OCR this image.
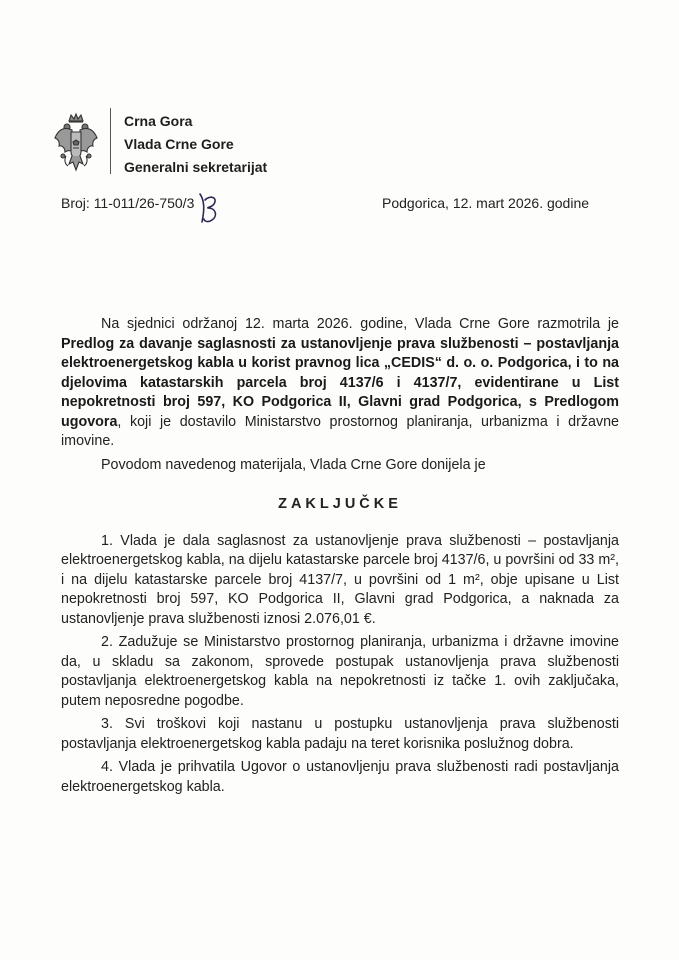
Crna Gora
Vlada Crne Gore
Generalni sekretarijat
Broj: 11-011/26-750/3	Podgorica, 12. mart 2026. godine

Na sjednici održanoj 12. marta 2026. godine, Vlada Crne Gore razmotrila je Predlog za davanje saglasnosti za ustanovljenje prava službenosti – postavljanja elektroenergetskog kabla u korist pravnog lica „CEDIS“ d. o. o. Podgorica, i to na djelovima katastarskih parcela broj 4137/6 i 4137/7, evidentirane u List nepokretnosti broj 597, KO Podgorica II, Glavni grad Podgorica, s Predlogom ugovora, koji je dostavilo Ministarstvo prostornog planiranja, urbanizma i državne imovine.

Povodom navedenog materijala, Vlada Crne Gore donijela je

ZAKLJUČKE

1. Vlada je dala saglasnost za ustanovljenje prava službenosti – postavljanja elektroenergetskog kabla, na dijelu katastarske parcele broj 4137/6, u površini od 33 m², i na dijelu katastarske parcele broj 4137/7, u površini od 1 m², obje upisane u List nepokretnosti broj 597, KO Podgorica II, Glavni grad Podgorica, a naknada za ustanovljenje prava službenosti iznosi 2.076,01 €.

2. Zadužuje se Ministarstvo prostornog planiranja, urbanizma i državne imovine da, u skladu sa zakonom, sprovede postupak ustanovljenja prava službenosti postavljanja elektroenergetskog kabla na nepokretnosti iz tačke 1. ovih zaključaka, putem neposredne pogodbe.

3. Svi troškovi koji nastanu u postupku ustanovljenja prava službenosti postavljanja elektroenergetskog kabla padaju na teret korisnika poslužnog dobra.

4. Vlada je prihvatila Ugovor o ustanovljenju prava službenosti radi postavljanja elektroenergetskog kabla.
